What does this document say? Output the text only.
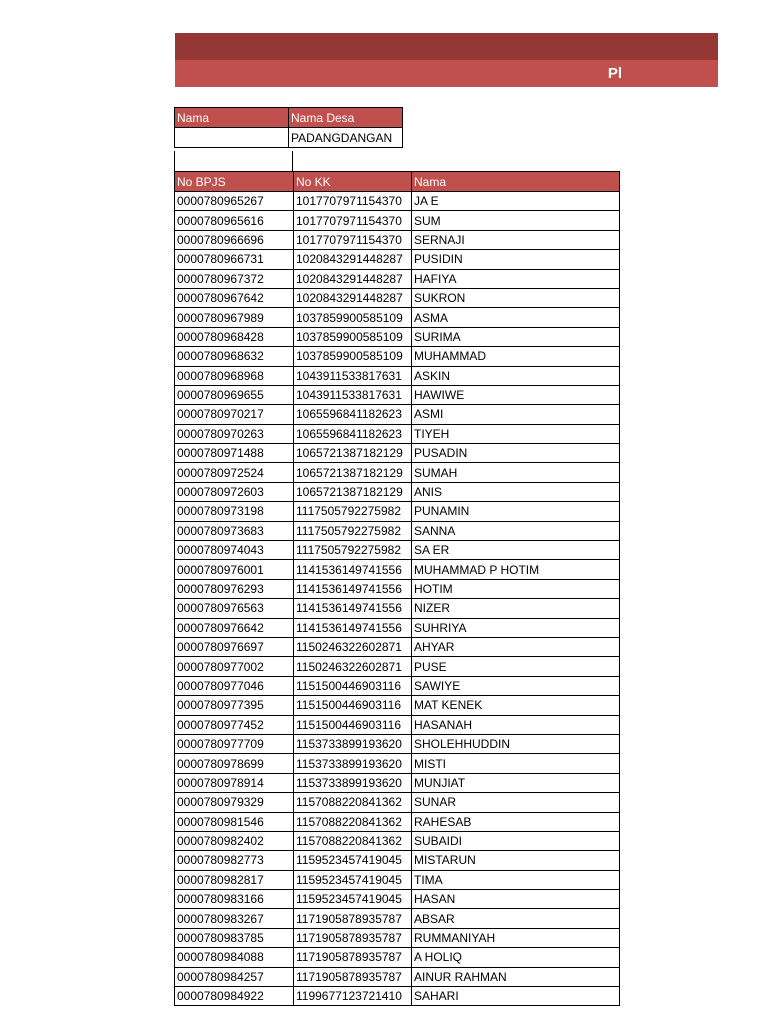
Pl
Nama	Nama Desa
	PADANGDANGAN
No BPJS	No KK	Nama
0000780965267	1017707971154370	JA E
0000780965616	1017707971154370	SUM
0000780966696	1017707971154370	SERNAJI
0000780966731	1020843291448287	PUSIDIN
0000780967372	1020843291448287	HAFIYA
0000780967642	1020843291448287	SUKRON
0000780967989	1037859900585109	ASMA
0000780968428	1037859900585109	SURIMA
0000780968632	1037859900585109	MUHAMMAD
0000780968968	1043911533817631	ASKIN
0000780969655	1043911533817631	HAWIWE
0000780970217	1065596841182623	ASMI
0000780970263	1065596841182623	TIYEH
0000780971488	1065721387182129	PUSADIN
0000780972524	1065721387182129	SUMAH
0000780972603	1065721387182129	ANIS
0000780973198	1117505792275982	PUNAMIN
0000780973683	1117505792275982	SANNA
0000780974043	1117505792275982	SA ER
0000780976001	1141536149741556	MUHAMMAD P HOTIM
0000780976293	1141536149741556	HOTIM
0000780976563	1141536149741556	NIZER
0000780976642	1141536149741556	SUHRIYA
0000780976697	1150246322602871	AHYAR
0000780977002	1150246322602871	PUSE
0000780977046	1151500446903116	SAWIYE
0000780977395	1151500446903116	MAT KENEK
0000780977452	1151500446903116	HASANAH
0000780977709	1153733899193620	SHOLEHHUDDIN
0000780978699	1153733899193620	MISTI
0000780978914	1153733899193620	MUNJIAT
0000780979329	1157088220841362	SUNAR
0000780981546	1157088220841362	RAHESAB
0000780982402	1157088220841362	SUBAIDI
0000780982773	1159523457419045	MISTARUN
0000780982817	1159523457419045	TIMA
0000780983166	1159523457419045	HASAN
0000780983267	1171905878935787	ABSAR
0000780983785	1171905878935787	RUMMANIYAH
0000780984088	1171905878935787	A HOLIQ
0000780984257	1171905878935787	AINUR RAHMAN
0000780984922	1199677123721410	SAHARI
